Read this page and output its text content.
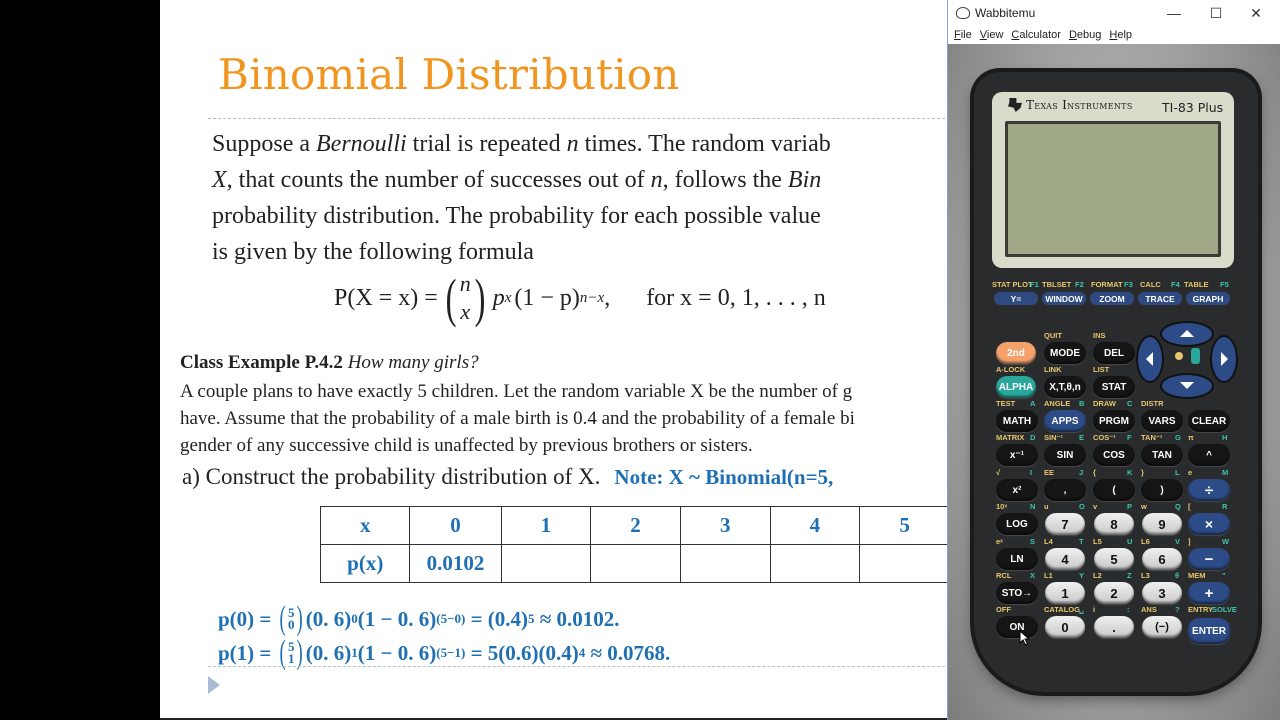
Binomial Distribution
Suppose a Bernoulli trial is repeated n times. The random variab
X, that counts the number of successes out of n, follows the Bin
probability distribution. The probability for each possible value
is given by the following formula
P(X = x) = ( n
x ) p x (1 − p) n−x , for x = 0, 1, . . . , n
Class Example P.4.2 How many girls?
A couple plans to have exactly 5 children. Let the random variable X be the number of g
have. Assume that the probability of a male birth is 0.4 and the probability of a female bi
gender of any successive child is unaffected by previous brothers or sisters.
a) Construct the probability distribution of X. Note: X ~ Binomial(n=5,
x	0	1	2	3	4	5
p(x)	0.0102					
p(0) =
( 5
0 ) (0. 6) 0 (1 − 0. 6) (5−0)
= (0.4) 5
≈ 0.0102.
p(1) =
( 5
1 ) (0. 6) 1 (1 − 0. 6) (5−1)
= 5(0.6)(0.4) 4
≈ 0.0768.
Wabbitemu	—	☐	✕
File View Calculator Debug Help
Texas Instruments TI-83 Plus
STAT PLOT
F1 TBLSET F2 FORMAT F3 CALC F4 TABLE F5
Y=	WINDOW	ZOOM	TRACE	GRAPH
QUIT	INS
2nd	MODE	DEL
A-LOCK	LINK	LIST
ALPHA	X,T,θ,n	STAT
TEST A ANGLE B DRAW C DISTR
MATH	APPS	PRGM	VARS	CLEAR
MATRIX D SIN⁻¹ E COS⁻¹ F TAN⁻¹ G π	H
x⁻¹	SIN	COS	TAN	^
√	I EE	J {	K }	L e	M
x²	,	(	)	÷
10ˣ	N u	O v	P w	Q [	R
LOG	7	8	9	×
eˣ	S L4	T L5	U L6	V ]	W
LN	4	5	6	−
RCL X L1	Y L2	Z L3	θ MEM "
STO→	1	2	3	+
OFF	CATALOG ␣ i	: ANS ? ENTRY
SOLVE
ON	0	.	(−)	ENTER
